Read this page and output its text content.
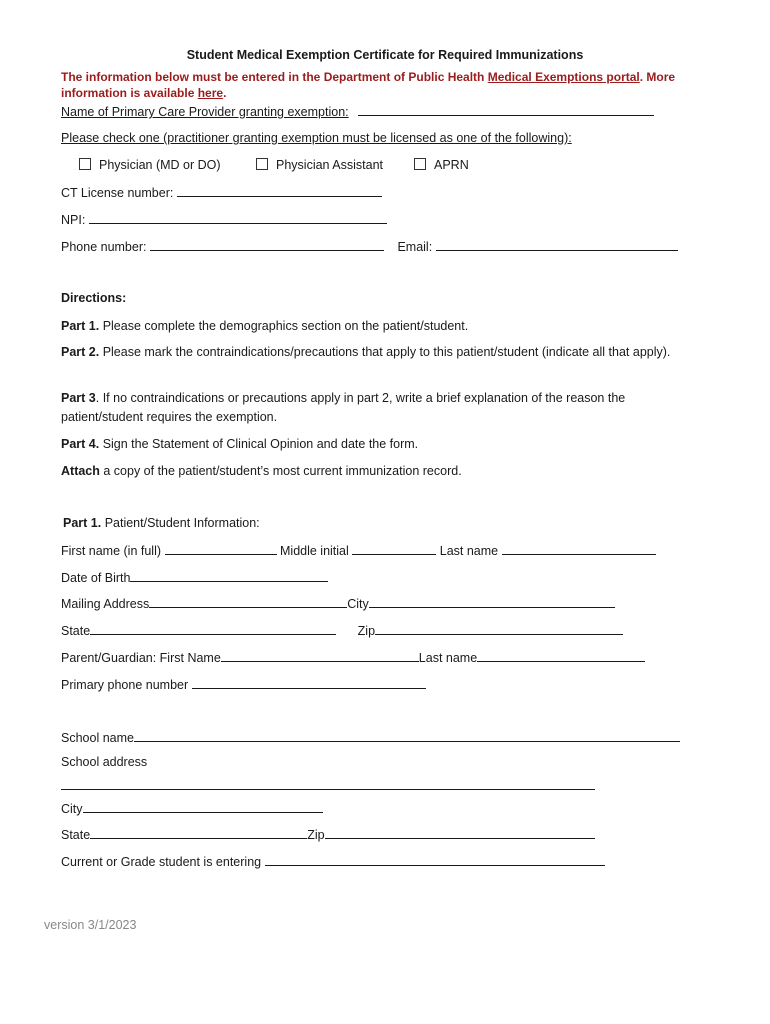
Student Medical Exemption Certificate for Required Immunizations
The information below must be entered in the Department of Public Health Medical Exemptions portal. More information is available here.
Name of Primary Care Provider granting exemption:
Please check one (practitioner granting exemption must be licensed as one of the following):
Physician (MD or DO)	Physician Assistant	APRN
CT License number:
NPI:
Phone number:	Email:
Directions:
Part 1. Please complete the demographics section on the patient/student.
Part 2. Please mark the contraindications/precautions that apply to this patient/student (indicate all that apply).
Part 3. If no contraindications or precautions apply in part 2, write a brief explanation of the reason the patient/student requires the exemption.
Part 4. Sign the Statement of Clinical Opinion and date the form.
Attach a copy of the patient/student’s most current immunization record.
Part 1. Patient/Student Information:
First name (in full)	Middle initial	Last name
Date of Birth
Mailing Address	City
State	Zip
Parent/Guardian: First Name	Last name
Primary phone number
School name
School address
City
State	Zip
Current or Grade student is entering
version 3/1/2023
